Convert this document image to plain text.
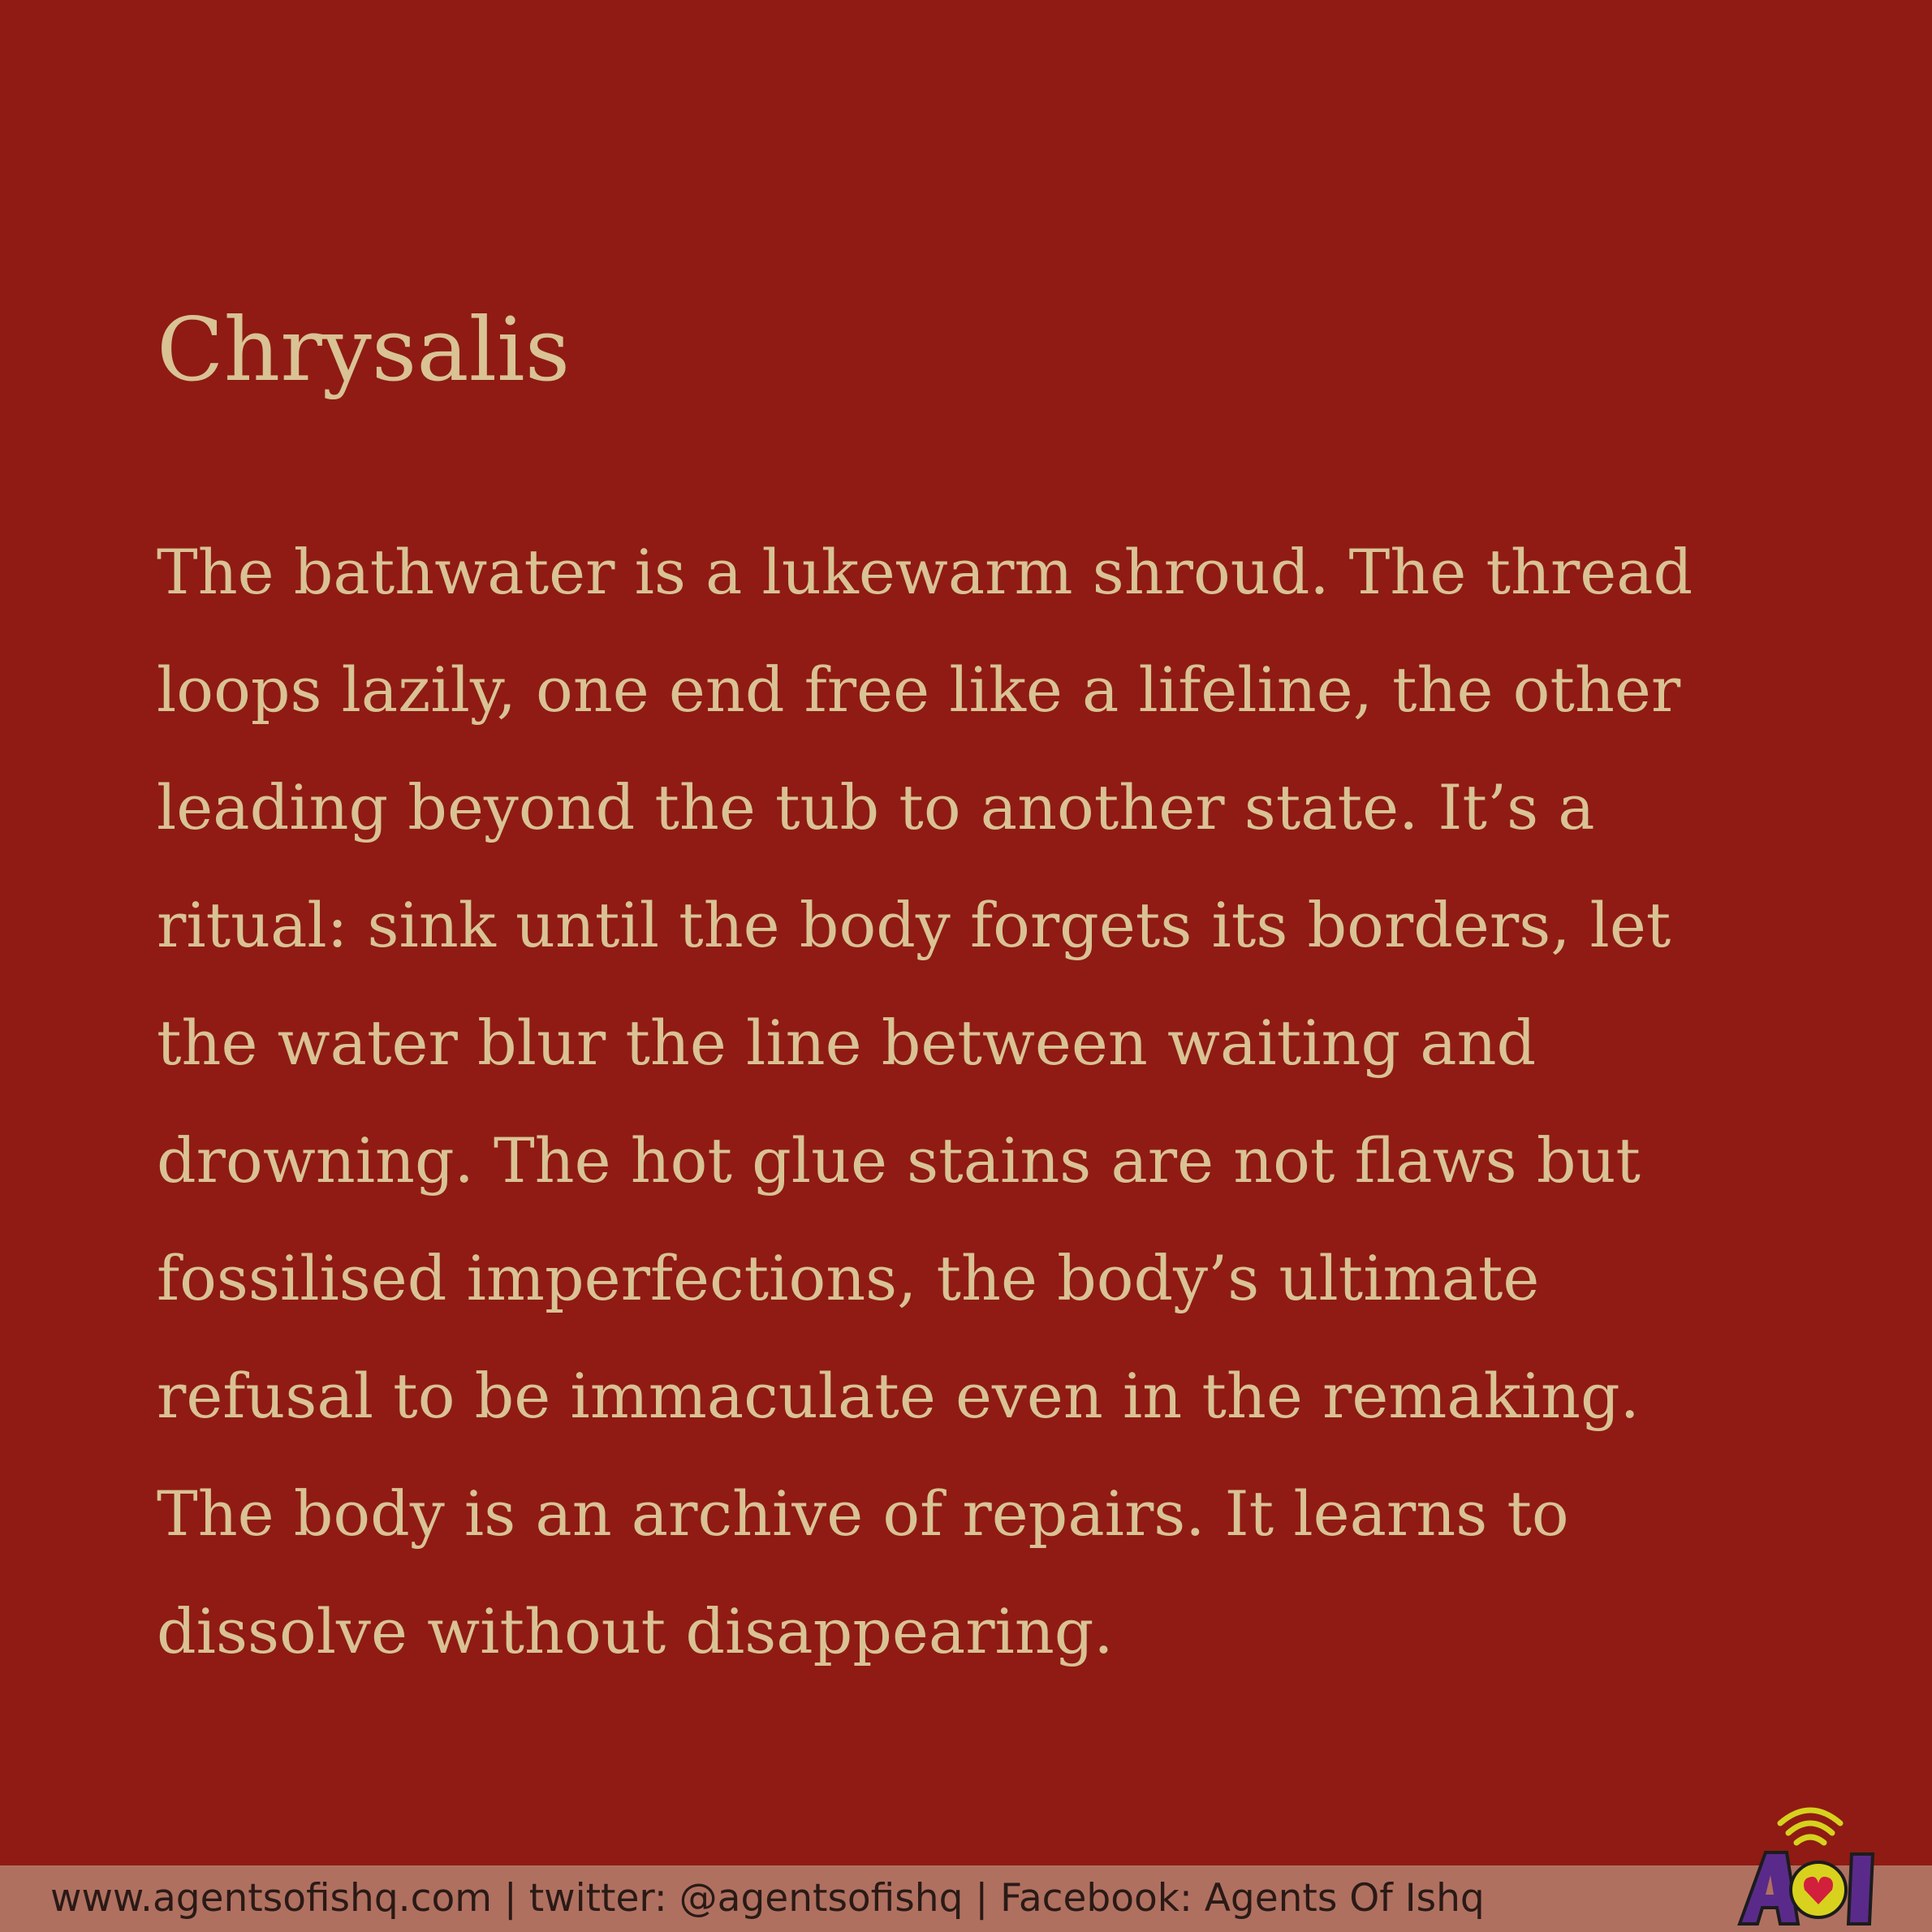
Chrysalis
The bathwater is a lukewarm shroud. The thread
loops lazily, one end free like a lifeline, the other
leading beyond the tub to another state. It’s a
ritual: sink until the body forgets its borders, let
the water blur the line between waiting and
drowning. The hot glue stains are not flaws but
fossilised imperfections, the body’s ultimate
refusal to be immaculate even in the remaking.
The body is an archive of repairs. It learns to
dissolve without disappearing.
www.agentsofishq.com | twitter: @agentsofishq | Facebook: Agents Of Ishq
